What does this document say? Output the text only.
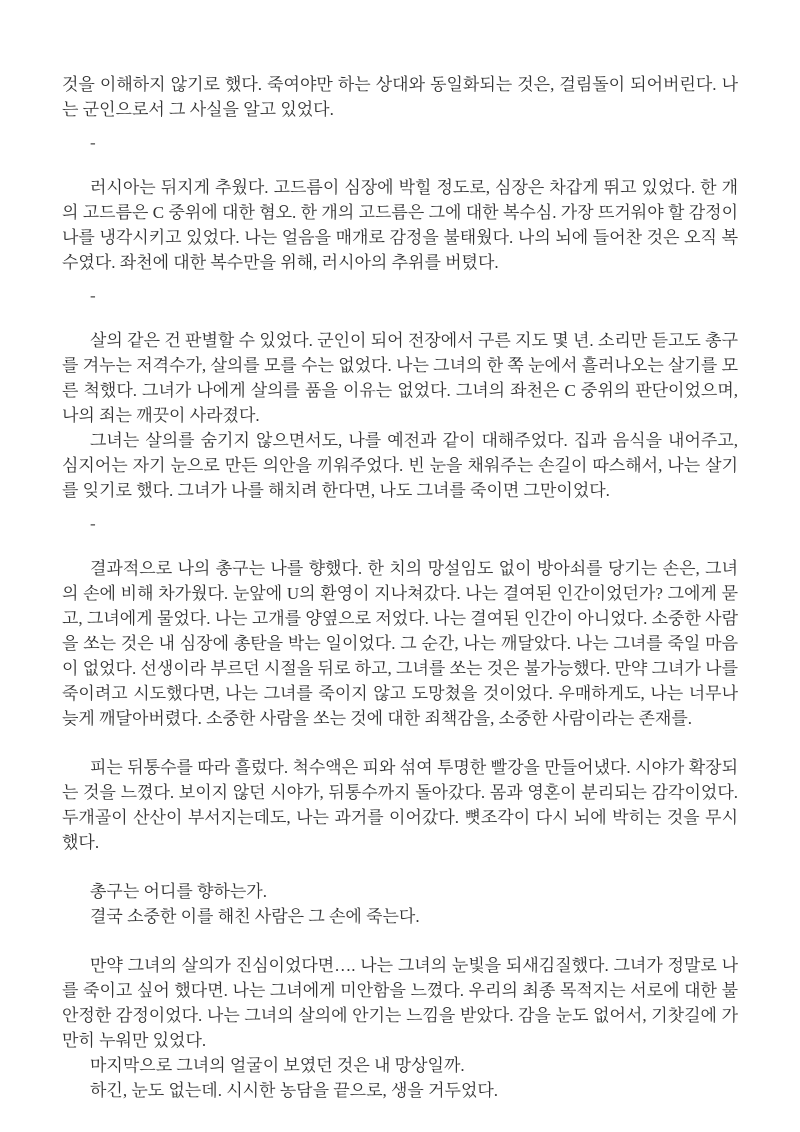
것을 이해하지 않기로 했다. 죽여야만 하는 상대와 동일화되는 것은, 걸림돌이 되어버린다. 나는 군인으로서 그 사실을 알고 있었다.

-

러시아는 뒤지게 추웠다. 고드름이 심장에 박힐 정도로, 심장은 차갑게 뛰고 있었다. 한 개의 고드름은 C 중위에 대한 혐오. 한 개의 고드름은 그에 대한 복수심. 가장 뜨거워야 할 감정이 나를 냉각시키고 있었다. 나는 얼음을 매개로 감정을 불태웠다. 나의 뇌에 들어찬 것은 오직 복수였다. 좌천에 대한 복수만을 위해, 러시아의 추위를 버텼다.

-

살의 같은 건 판별할 수 있었다. 군인이 되어 전장에서 구른 지도 몇 년. 소리만 듣고도 총구를 겨누는 저격수가, 살의를 모를 수는 없었다. 나는 그녀의 한 쪽 눈에서 흘러나오는 살기를 모른 척했다. 그녀가 나에게 살의를 품을 이유는 없었다. 그녀의 좌천은 C 중위의 판단이었으며, 나의 죄는 깨끗이 사라졌다.

그녀는 살의를 숨기지 않으면서도, 나를 예전과 같이 대해주었다. 집과 음식을 내어주고, 심지어는 자기 눈으로 만든 의안을 끼워주었다. 빈 눈을 채워주는 손길이 따스해서, 나는 살기를 잊기로 했다. 그녀가 나를 해치려 한다면, 나도 그녀를 죽이면 그만이었다.

-

결과적으로 나의 총구는 나를 향했다. 한 치의 망설임도 없이 방아쇠를 당기는 손은, 그녀의 손에 비해 차가웠다. 눈앞에 U의 환영이 지나쳐갔다. 나는 결여된 인간이었던가? 그에게 묻고, 그녀에게 물었다. 나는 고개를 양옆으로 저었다. 나는 결여된 인간이 아니었다. 소중한 사람을 쏘는 것은 내 심장에 총탄을 박는 일이었다. 그 순간, 나는 깨달았다. 나는 그녀를 죽일 마음이 없었다. 선생이라 부르던 시절을 뒤로 하고, 그녀를 쏘는 것은 불가능했다. 만약 그녀가 나를 죽이려고 시도했다면, 나는 그녀를 죽이지 않고 도망쳤을 것이었다. 우매하게도, 나는 너무나 늦게 깨달아버렸다. 소중한 사람을 쏘는 것에 대한 죄책감을, 소중한 사람이라는 존재를.

피는 뒤통수를 따라 흘렀다. 척수액은 피와 섞여 투명한 빨강을 만들어냈다. 시야가 확장되는 것을 느꼈다. 보이지 않던 시야가, 뒤통수까지 돌아갔다. 몸과 영혼이 분리되는 감각이었다. 두개골이 산산이 부서지는데도, 나는 과거를 이어갔다. 뼛조각이 다시 뇌에 박히는 것을 무시했다.

총구는 어디를 향하는가.

결국 소중한 이를 해친 사람은 그 손에 죽는다.

만약 그녀의 살의가 진심이었다면…. 나는 그녀의 눈빛을 되새김질했다. 그녀가 정말로 나를 죽이고 싶어 했다면. 나는 그녀에게 미안함을 느꼈다. 우리의 최종 목적지는 서로에 대한 불안정한 감정이었다. 나는 그녀의 살의에 안기는 느낌을 받았다. 감을 눈도 없어서, 기찻길에 가만히 누워만 있었다.

마지막으로 그녀의 얼굴이 보였던 것은 내 망상일까.

하긴, 눈도 없는데. 시시한 농담을 끝으로, 생을 거두었다.
